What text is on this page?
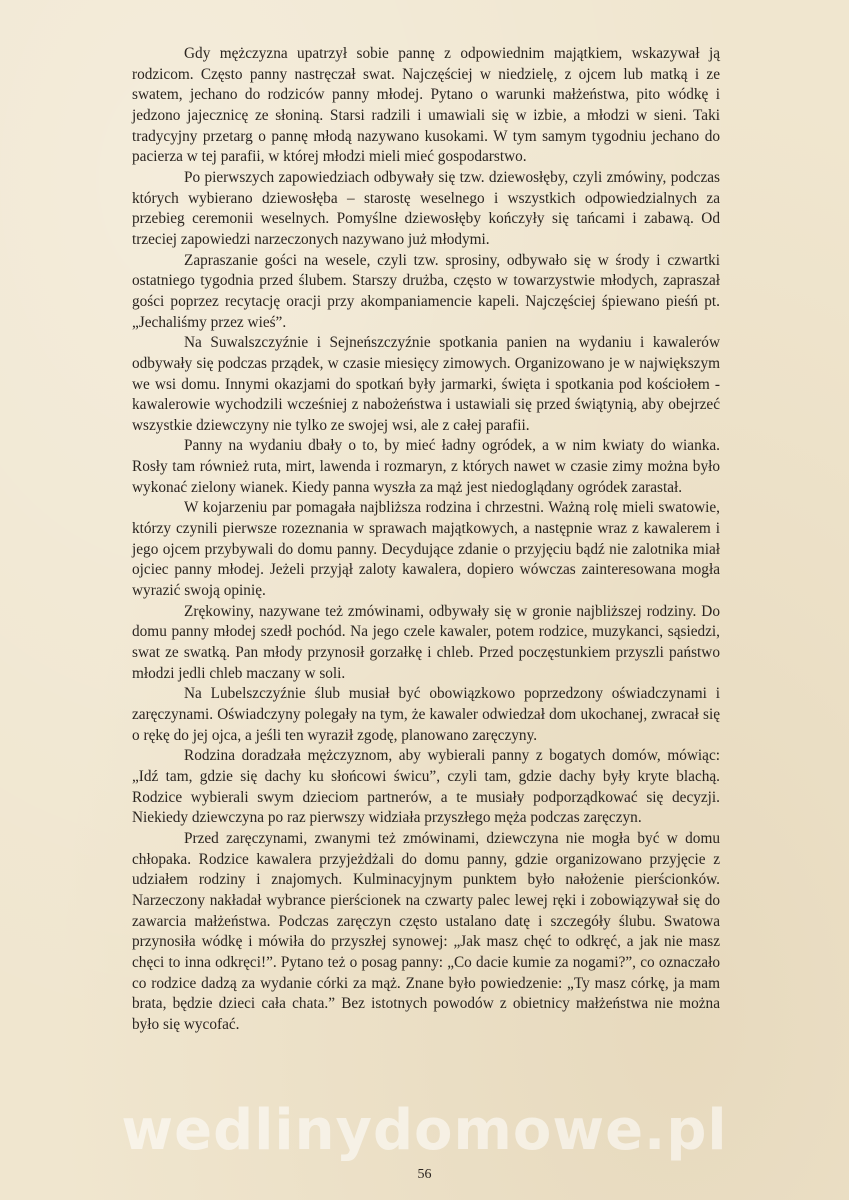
Gdy mężczyzna upatrzył sobie pannę z odpowiednim majątkiem, wskazywał ją rodzicom. Często panny nastręczał swat. Najczęściej w niedzielę, z ojcem lub matką i ze swatem, jechano do rodziców panny młodej. Pytano o warunki małżeństwa, pito wódkę i jedzono jajecznicę ze słoniną. Starsi radzili i umawiali się w izbie, a młodzi w sieni. Taki tradycyjny przetarg o pannę młodą nazywano kusokami. W tym samym tygodniu jechano do pacierza w tej parafii, w której młodzi mieli mieć gospodarstwo.

Po pierwszych zapowiedziach odbywały się tzw. dziewosłęby, czyli zmówiny, podczas których wybierano dziewosłęba – starostę weselnego i wszystkich odpowiedzialnych za przebieg ceremonii weselnych. Pomyślne dziewosłęby kończyły się tańcami i zabawą. Od trzeciej zapowiedzi narzeczonych nazywano już młodymi.

Zapraszanie gości na wesele, czyli tzw. sprosiny, odbywało się w środy i czwartki ostatniego tygodnia przed ślubem. Starszy drużba, często w towarzystwie młodych, zapraszał gości poprzez recytację oracji przy akompaniamencie kapeli. Najczęściej śpiewano pieśń pt. „Jechaliśmy przez wieś”.

Na Suwalszczyźnie i Sejneńszczyźnie spotkania panien na wydaniu i kawalerów odbywały się podczas prządek, w czasie miesięcy zimowych. Organizowano je w największym we wsi domu. Innymi okazjami do spotkań były jarmarki, święta i spotkania pod kościołem - kawalerowie wychodzili wcześniej z nabożeństwa i ustawiali się przed świątynią, aby obejrzeć wszystkie dziewczyny nie tylko ze swojej wsi, ale z całej parafii.

Panny na wydaniu dbały o to, by mieć ładny ogródek, a w nim kwiaty do wianka. Rosły tam również ruta, mirt, lawenda i rozmaryn, z których nawet w czasie zimy można było wykonać zielony wianek. Kiedy panna wyszła za mąż jest niedoglądany ogródek zarastał.

W kojarzeniu par pomagała najbliższa rodzina i chrzestni. Ważną rolę mieli swatowie, którzy czynili pierwsze rozeznania w sprawach majątkowych, a następnie wraz z kawalerem i jego ojcem przybywali do domu panny. Decydujące zdanie o przyjęciu bądź nie zalotnika miał ojciec panny młodej. Jeżeli przyjął zaloty kawalera, dopiero wówczas zainteresowana mogła wyrazić swoją opinię.

Zrękowiny, nazywane też zmówinami, odbywały się w gronie najbliższej rodziny. Do domu panny młodej szedł pochód. Na jego czele kawaler, potem rodzice, muzykanci, sąsiedzi, swat ze swatką. Pan młody przynosił gorzałkę i chleb. Przed poczęstunkiem przyszli państwo młodzi jedli chleb maczany w soli.

Na Lubelszczyźnie ślub musiał być obowiązkowo poprzedzony oświadczynami i zaręczynami. Oświadczyny polegały na tym, że kawaler odwiedzał dom ukochanej, zwracał się o rękę do jej ojca, a jeśli ten wyraził zgodę, planowano zaręczyny.

Rodzina doradzała mężczyznom, aby wybierali panny z bogatych domów, mówiąc: „Idź tam, gdzie się dachy ku słońcowi świcu”, czyli tam, gdzie dachy były kryte blachą. Rodzice wybierali swym dzieciom partnerów, a te musiały podporządkować się decyzji. Niekiedy dziewczyna po raz pierwszy widziała przyszłego męża podczas zaręczyn.

Przed zaręczynami, zwanymi też zmówinami, dziewczyna nie mogła być w domu chłopaka. Rodzice kawalera przyjeżdżali do domu panny, gdzie organizowano przyjęcie z udziałem rodziny i znajomych. Kulminacyjnym punktem było nałożenie pierścionków. Narzeczony nakładał wybrance pierścionek na czwarty palec lewej ręki i zobowiązywał się do zawarcia małżeństwa. Podczas zaręczyn często ustalano datę i szczegóły ślubu. Swatowa przynosiła wódkę i mówiła do przyszłej synowej: „Jak masz chęć to odkręć, a jak nie masz chęci to inna odkręci!”. Pytano też o posag panny: „Co dacie kumie za nogami?”, co oznaczało co rodzice dadzą za wydanie córki za mąż. Znane było powiedzenie: „Ty masz córkę, ja mam brata, będzie dzieci cała chata.” Bez istotnych powodów z obietnicy małżeństwa nie można było się wycofać.

wedlinydomowe.pl
56
